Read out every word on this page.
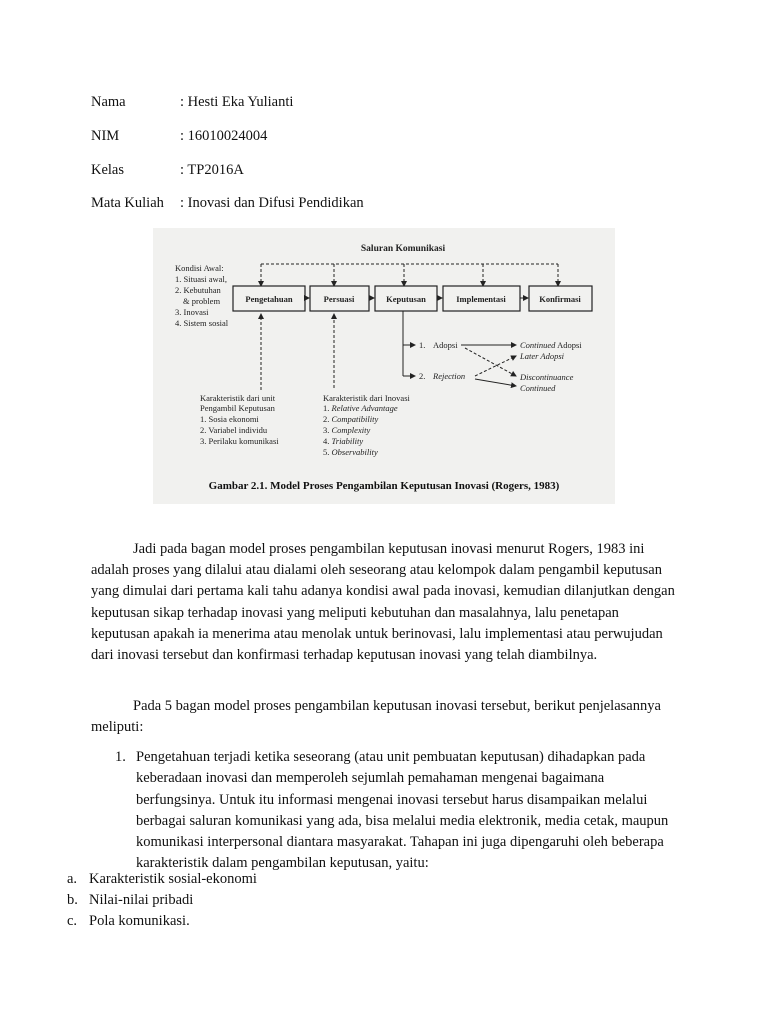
Nama	: Hesti Eka Yulianti
NIM	: 16010024004
Kelas	: TP2016A
Mata Kuliah : Inovasi dan Difusi Pendidikan
Saluran Komunikasi
Kondisi Awal:
1. Situasi awal,
2. Kebutuhan
& problem
3. Inovasi
4. Sistem sosial
Pengetahuan	Persuasi	Keputusan	Implementasi	Konfirmasi
1. Adopsi
2. Rejection
Continued Adopsi
Later Adopsi
Discontinuance
Continued
Karakteristik dari unit
Pengambil Keputusan
1. Sosia ekonomi
2. Variabel individu
3. Perilaku komunikasi
Karakteristik dari Inovasi
1. Relative Advantage
2. Compatibility
3. Complexity
4. Triability
5. Observability
Gambar 2.1. Model Proses Pengambilan Keputusan Inovasi (Rogers, 1983)
Jadi pada bagan model proses pengambilan keputusan inovasi menurut Rogers, 1983 ini adalah proses yang dilalui atau dialami oleh seseorang atau kelompok dalam pengambil keputusan yang dimulai dari pertama kali tahu adanya kondisi awal pada inovasi, kemudian dilanjutkan dengan keputusan sikap terhadap inovasi yang meliputi kebutuhan dan masalahnya, lalu penetapan keputusan apakah ia menerima atau menolak untuk berinovasi, lalu implementasi atau perwujudan dari inovasi tersebut dan konfirmasi terhadap keputusan inovasi yang telah diambilnya.
Pada 5 bagan model proses pengambilan keputusan inovasi tersebut, berikut penjelasannya meliputi:
1. Pengetahuan terjadi ketika seseorang (atau unit pembuatan keputusan) dihadapkan pada keberadaan inovasi dan memperoleh sejumlah pemahaman mengenai bagaimana berfungsinya. Untuk itu informasi mengenai inovasi tersebut harus disampaikan melalui berbagai saluran komunikasi yang ada, bisa melalui media elektronik, media cetak, maupun komunikasi interpersonal diantara masyarakat. Tahapan ini juga dipengaruhi oleh beberapa karakteristik dalam pengambilan keputusan, yaitu:
a. Karakteristik sosial-ekonomi
b. Nilai-nilai pribadi
c. Pola komunikasi.
